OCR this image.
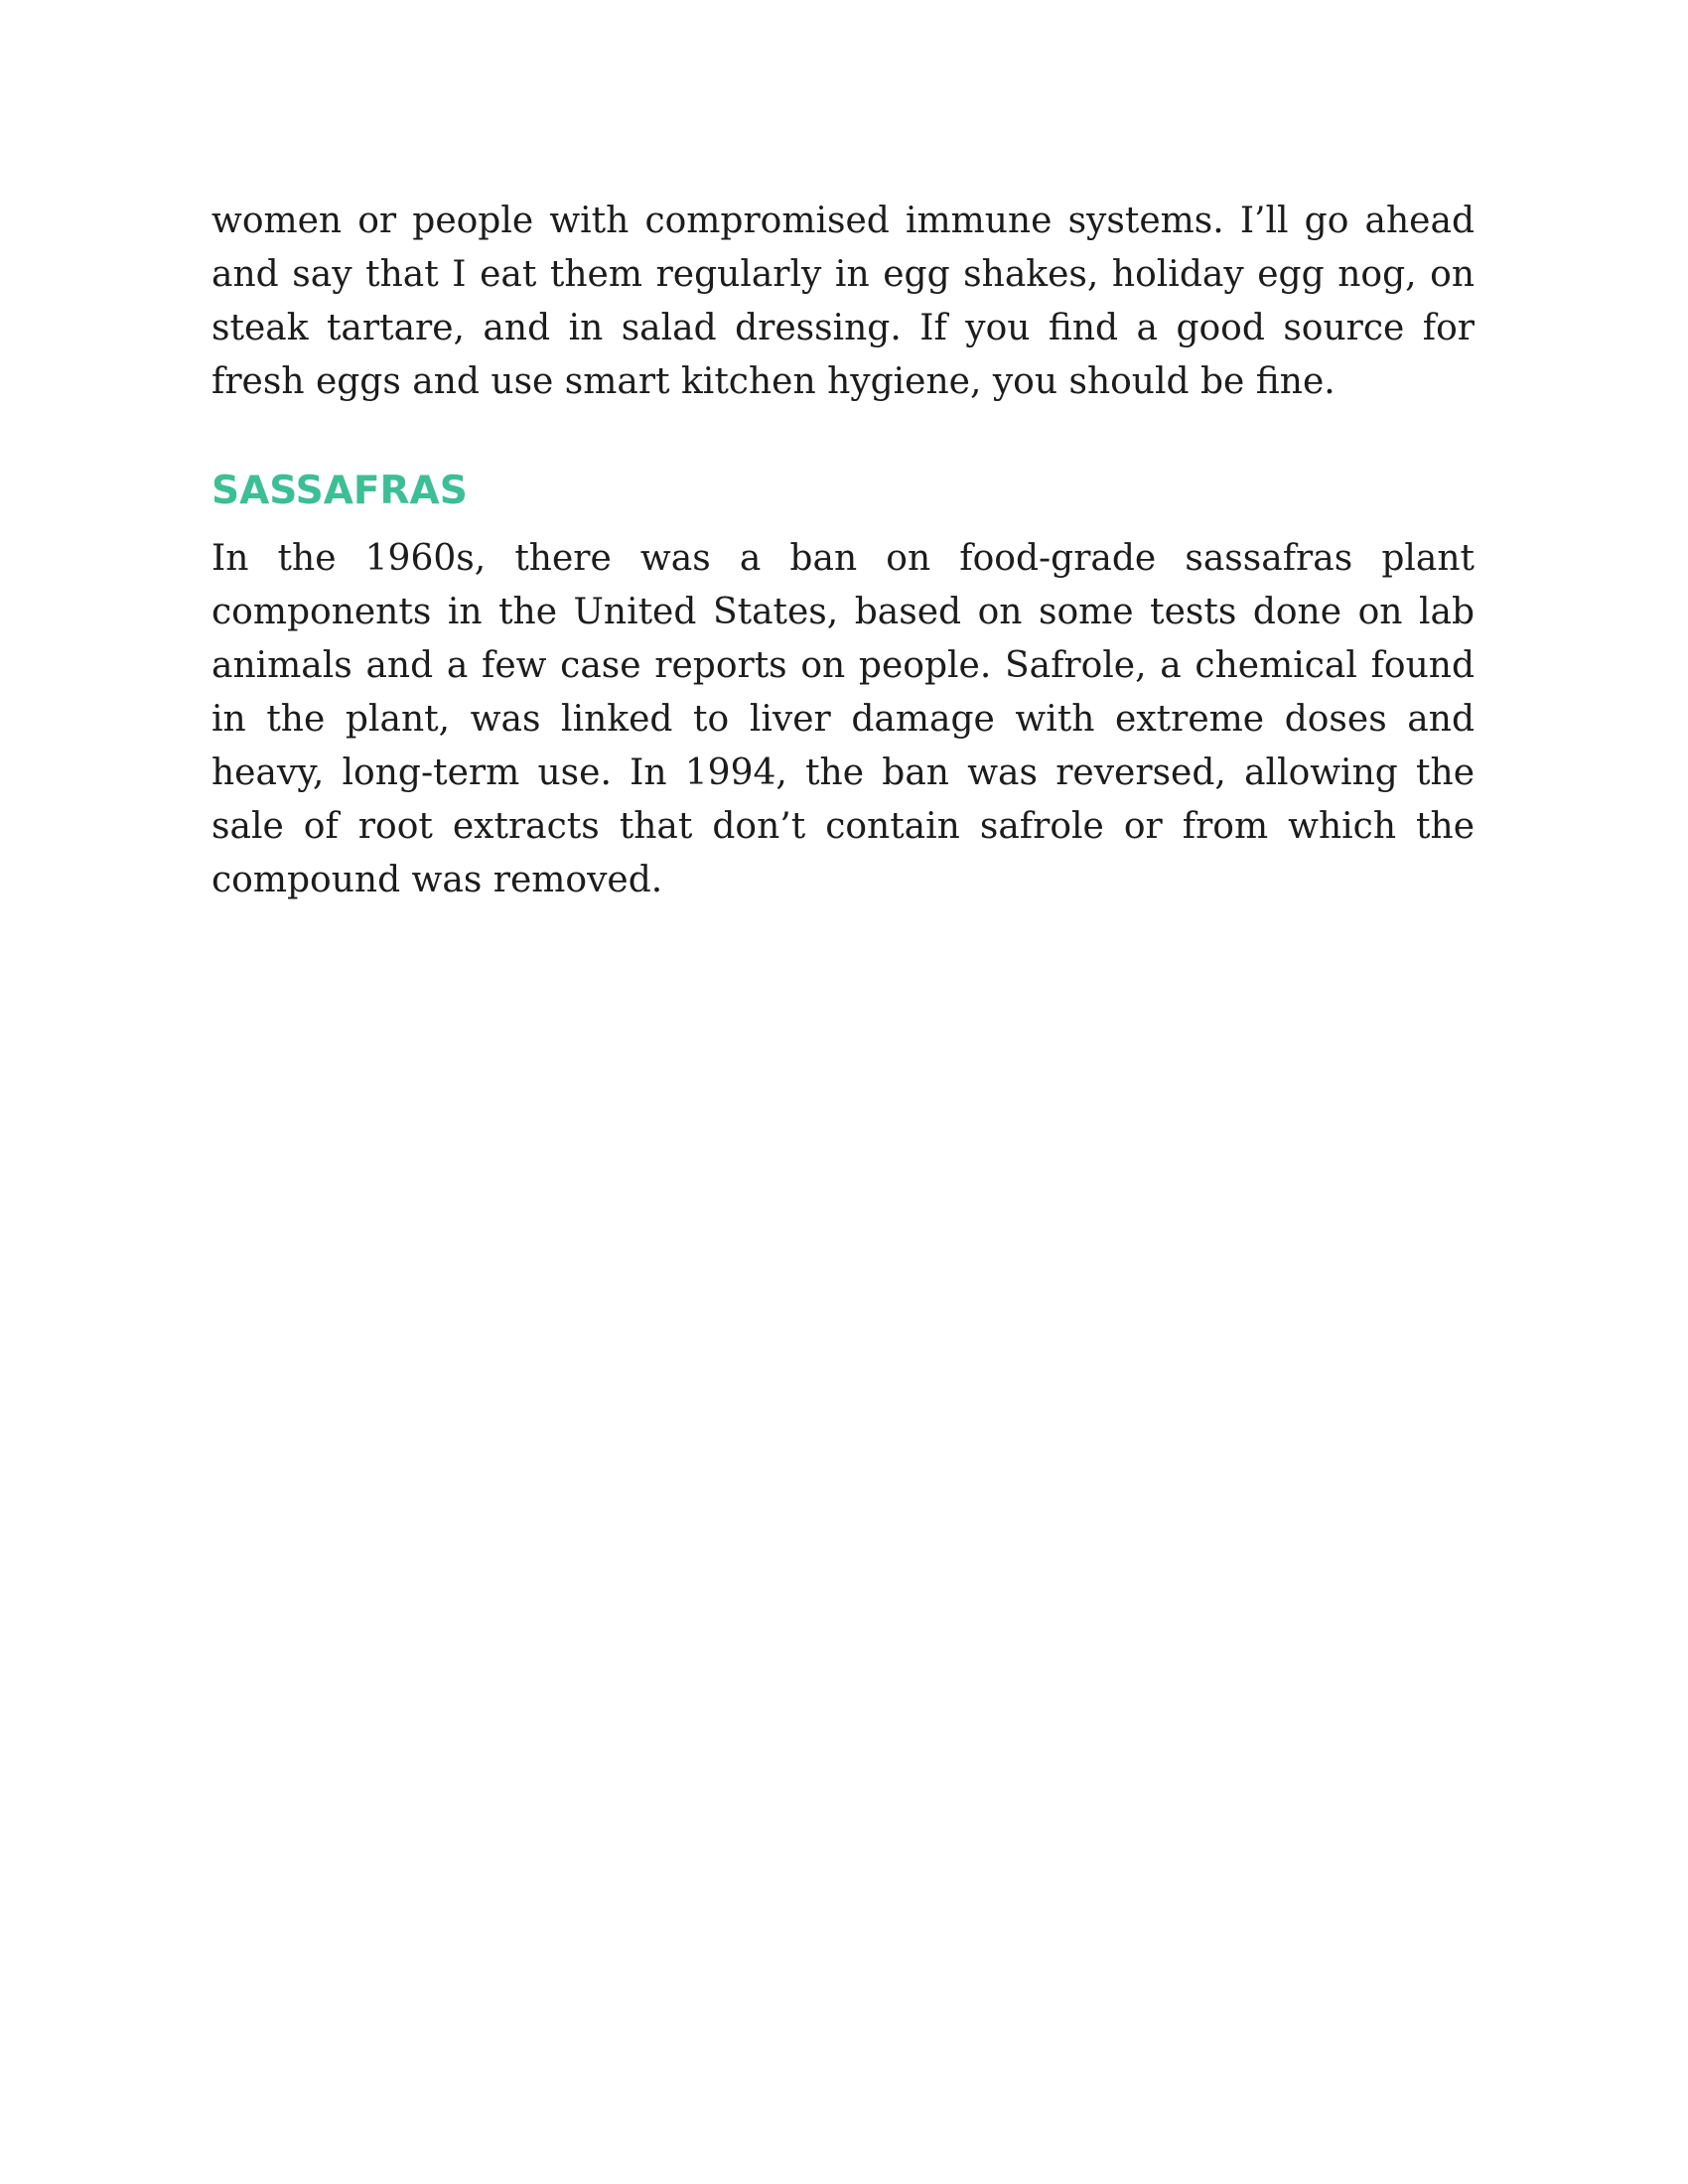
women or people with compromised immune systems. I’ll go ahead and say that I eat them regularly in egg shakes, holiday egg nog, on steak tartare, and in salad dressing. If you find a good source for fresh eggs and use smart kitchen hygiene, you should be fine.

SASSAFRAS

In the 1960s, there was a ban on food-grade sassafras plant components in the United States, based on some tests done on lab animals and a few case reports on people. Safrole, a chemical found in the plant, was linked to liver damage with extreme doses and heavy, long-term use. In 1994, the ban was reversed, allowing the sale of root extracts that don’t contain safrole or from which the compound was removed.
